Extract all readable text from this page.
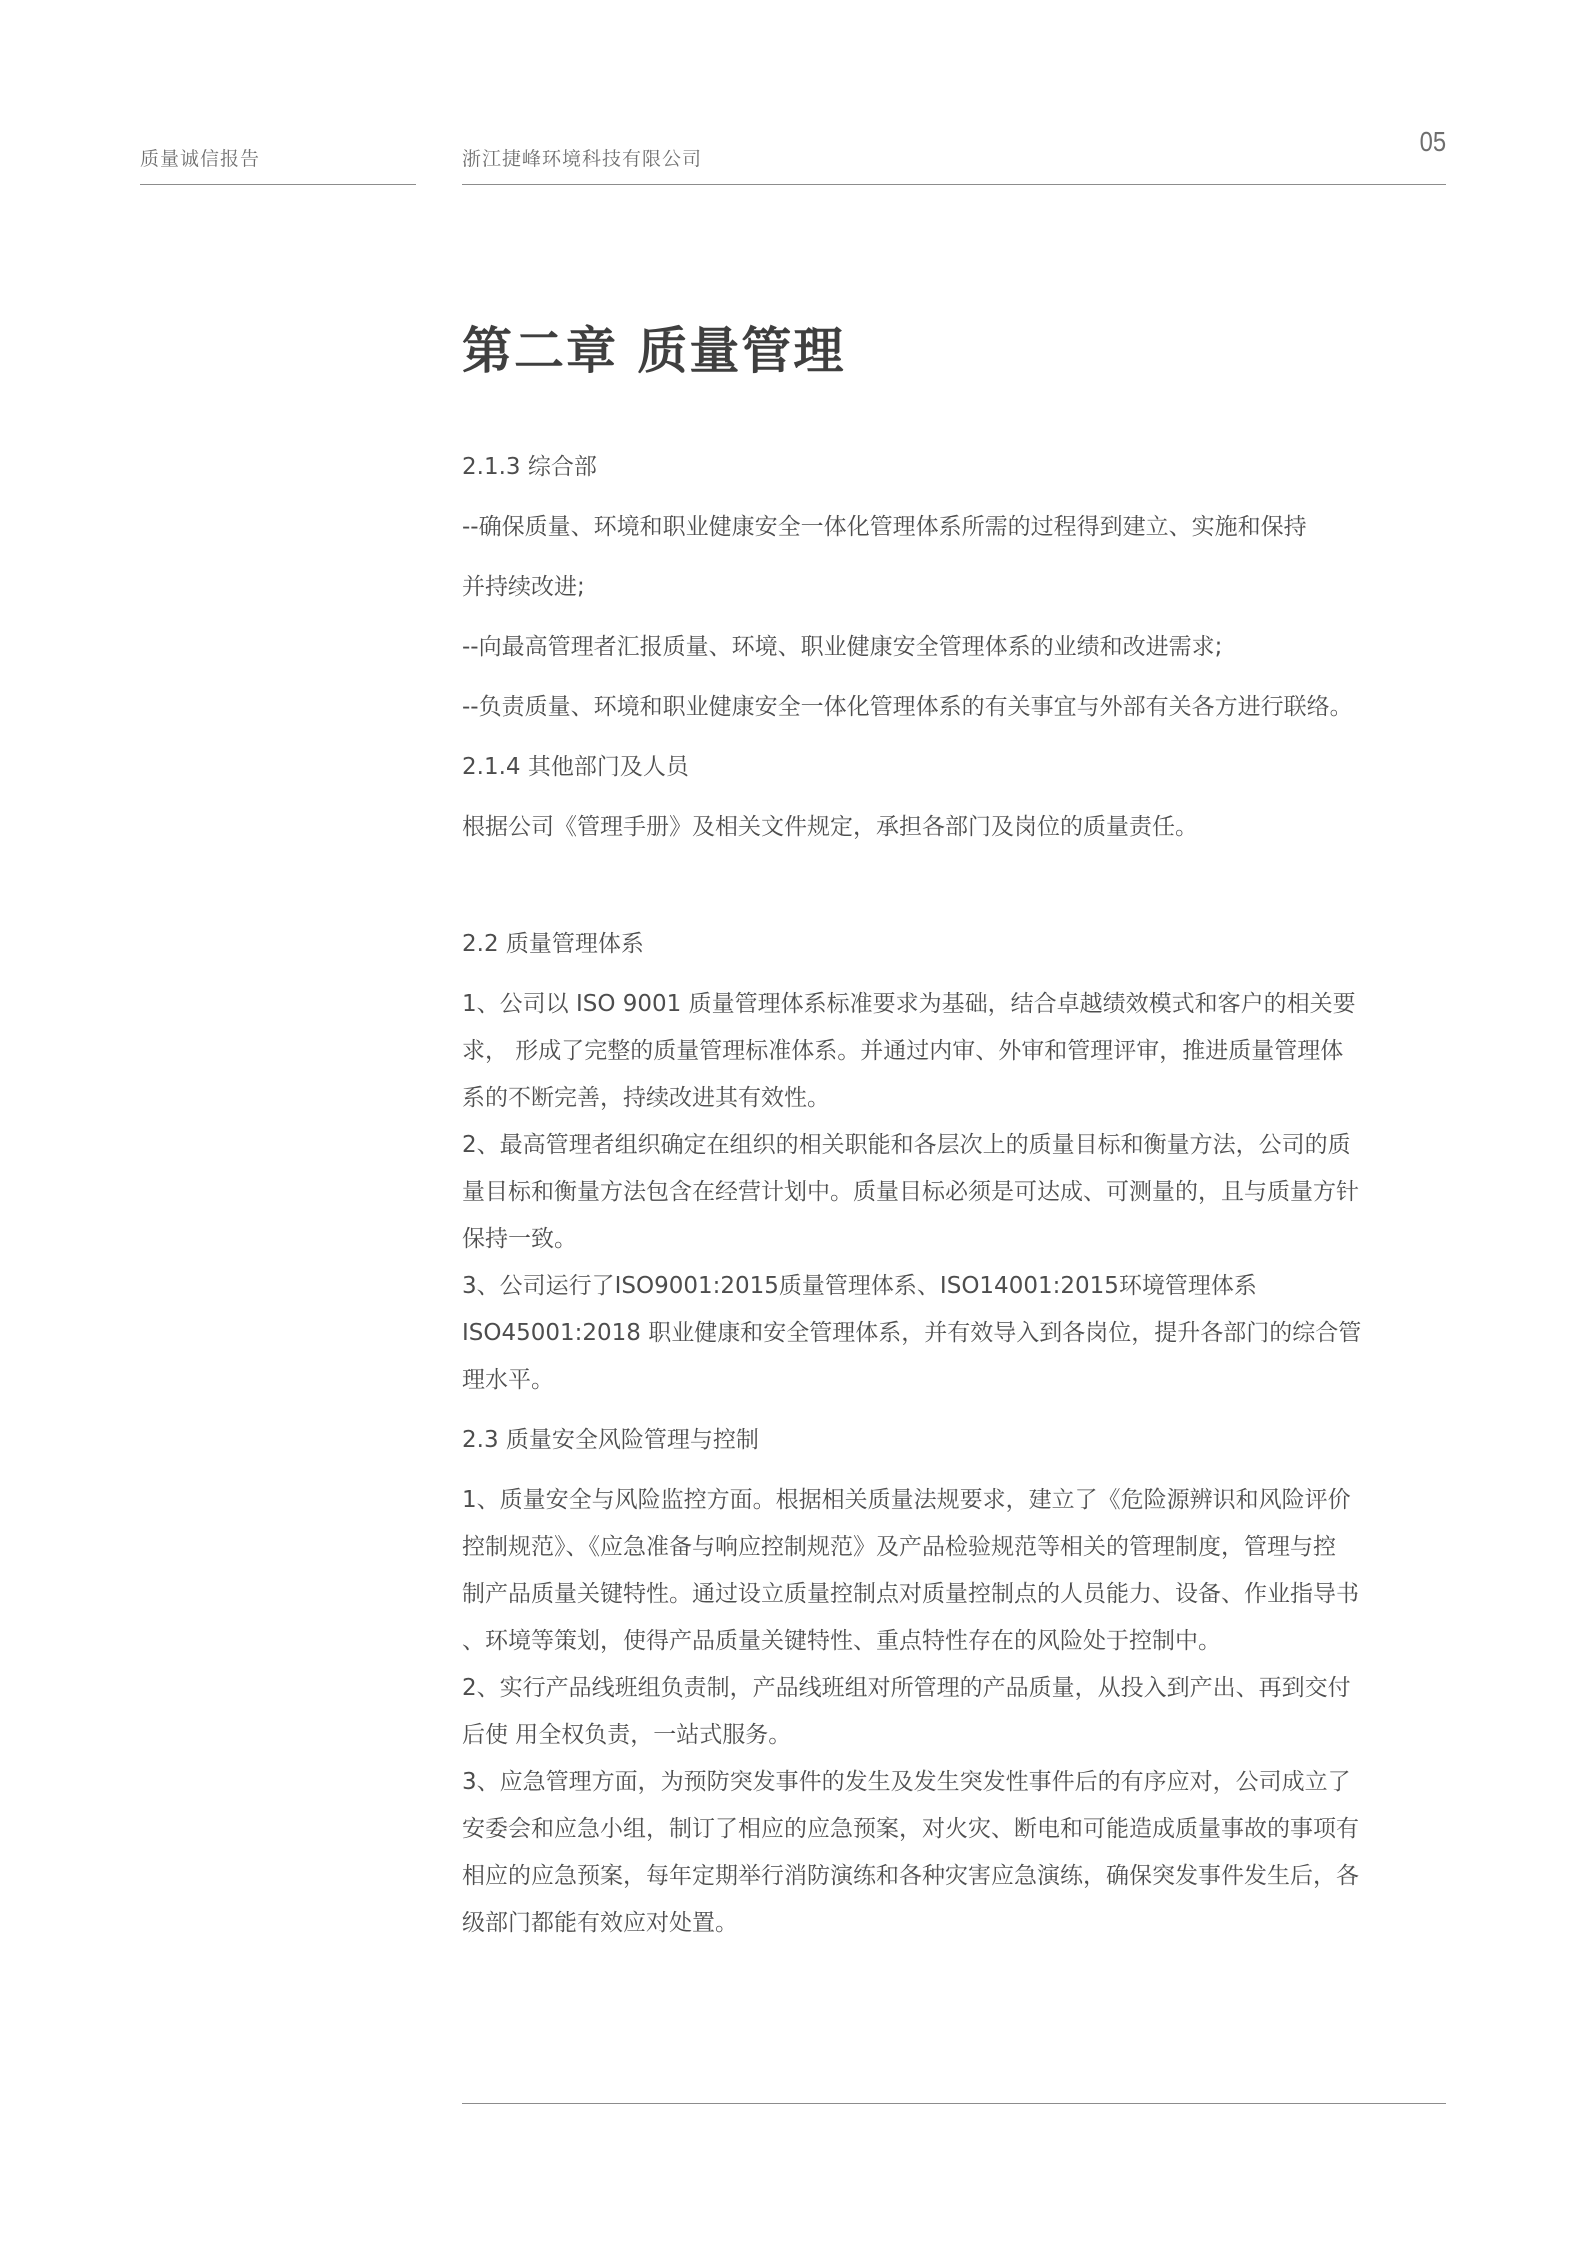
质量诚信报告	浙江捷峰环境科技有限公司
05
第二章 质量管理

2.1.3 综合部

--确保质量、环境和职业健康安全一体化管理体系所需的过程得到建立、实施和保持

并持续改进;

--向最高管理者汇报质量、环境、职业健康安全管理体系的业绩和改进需求;

--负责质量、环境和职业健康安全一体化管理体系的有关事宜与外部有关各方进行联络。

2.1.4 其他部门及人员

根据公司《管理手册》及相关文件规定，承担各部门及岗位的质量责任。

2.2 质量管理体系

1、公司以 ISO 9001 质量管理体系标准要求为基础，结合卓越绩效模式和客户的相关要
求， 形成了完整的质量管理标准体系。并通过内审、外审和管理评审，推进质量管理体
系的不断完善，持续改进其有效性。
2、最高管理者组织确定在组织的相关职能和各层次上的质量目标和衡量方法，公司的质
量目标和衡量方法包含在经营计划中。质量目标必须是可达成、可测量的，且与质量方针
保持一致。
3、公司运行了ISO9001:2015质量管理体系、ISO14001:2015环境管理体系
ISO45001:2018 职业健康和安全管理体系，并有效导入到各岗位，提升各部门的综合管
理水平。

2.3 质量安全风险管理与控制

1、质量安全与风险监控方面。根据相关质量法规要求，建立了《危险源辨识和风险评价
控制规范》、《应急准备与响应控制规范》及产品检验规范等相关的管理制度，管理与控
制产品质量关键特性。通过设立质量控制点对质量控制点的人员能力、设备、作业指导书
、环境等策划，使得产品质量关键特性、重点特性存在的风险处于控制中。
2、实行产品线班组负责制，产品线班组对所管理的产品质量，从投入到产出、再到交付
后使 用全权负责，一站式服务。
3、应急管理方面，为预防突发事件的发生及发生突发性事件后的有序应对，公司成立了
安委会和应急小组，制订了相应的应急预案，对火灾、断电和可能造成质量事故的事项有
相应的应急预案，每年定期举行消防演练和各种灾害应急演练，确保突发事件发生后，各
级部门都能有效应对处置。
